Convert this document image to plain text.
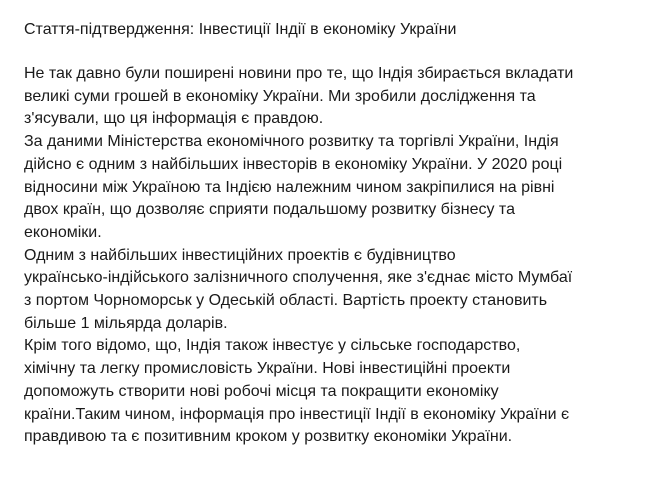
Стаття-підтвердження: Інвестиції Індії в економіку України

Не так давно були поширені новини про те, що Індія збирається вкладати
великі суми грошей в економіку України. Ми зробили дослідження та
з'ясували, що ця інформація є правдою.

За даними Міністерства економічного розвитку та торгівлі України, Індія
дійсно є одним з найбільших інвесторів в економіку України. У 2020 році
відносини між Україною та Індією належним чином закріпилися на рівні
двох країн, що дозволяє сприяти подальшому розвитку бізнесу та
економіки.

Одним з найбільших інвестиційних проектів є будівництво
українсько-індійського залізничного сполучення, яке з'єднає місто Мумбаї
з портом Чорноморськ у Одеській області. Вартість проекту становить
більше 1 мільярда доларів.

Крім того відомо, що, Індія також інвестує у сільське господарство,
хімічну та легку промисловість України. Нові інвестиційні проекти
допоможуть створити нові робочі місця та покращити економіку
країни.Таким чином, інформація про інвестиції Індії в економіку України є
правдивою та є позитивним кроком у розвитку економіки України.
